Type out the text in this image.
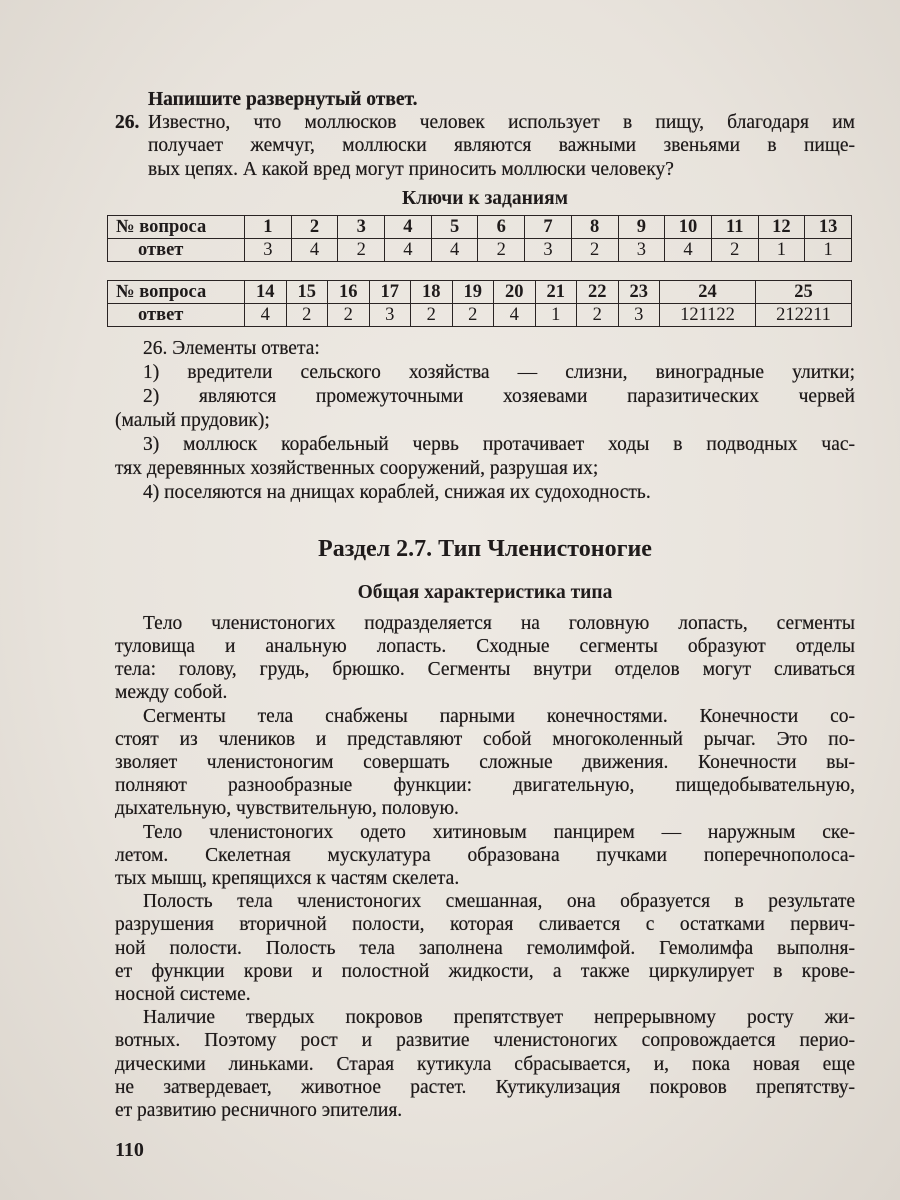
Напишите развернутый ответ.
26. Известно, что моллюсков человек использует в пищу, благодаря им
получает жемчуг, моллюски являются важными звеньями в пище-
вых цепях. А какой вред могут приносить моллюски человеку?
Ключи к заданиям
№ вопроса	1	2	3	4	5	6	7	8	9	10	11	12	13
ответ	3	4	2	4	4	2	3	2	3	4	2	1	1
№ вопроса	14	15	16	17	18	19	20	21	22	23	24	25
ответ	4	2	2	3	2	2	4	1	2	3	121122	212211
26. Элементы ответа:
1) вредители сельского хозяйства — слизни, виноградные улитки;
2) являются промежуточными хозяевами паразитических червей
(малый прудовик);
3) моллюск корабельный червь протачивает ходы в подводных час-
тях деревянных хозяйственных сооружений, разрушая их;
4) поселяются на днищах кораблей, снижая их судоходность.
Раздел 2.7. Тип Членистоногие
Общая характеристика типа
Тело членистоногих подразделяется на головную лопасть, сегменты
туловища и анальную лопасть. Сходные сегменты образуют отделы
тела: голову, грудь, брюшко. Сегменты внутри отделов могут сливаться
между собой.
Сегменты тела снабжены парными конечностями. Конечности со-
стоят из члеников и представляют собой многоколенный рычаг. Это по-
зволяет членистоногим совершать сложные движения. Конечности вы-
полняют разнообразные функции: двигательную, пищедобывательную,
дыхательную, чувствительную, половую.
Тело членистоногих одето хитиновым панцирем — наружным ске-
летом. Скелетная мускулатура образована пучками поперечнополоса-
тых мышц, крепящихся к частям скелета.
Полость тела членистоногих смешанная, она образуется в результате
разрушения вторичной полости, которая сливается с остатками первич-
ной полости. Полость тела заполнена гемолимфой. Гемолимфа выполня-
ет функции крови и полостной жидкости, а также циркулирует в крове-
носной системе.
Наличие твердых покровов препятствует непрерывному росту жи-
вотных. Поэтому рост и развитие членистоногих сопровождается перио-
дическими линьками. Старая кутикула сбрасывается, и, пока новая еще
не затвердевает, животное растет. Кутикулизация покровов препятству-
ет развитию ресничного эпителия.
110
